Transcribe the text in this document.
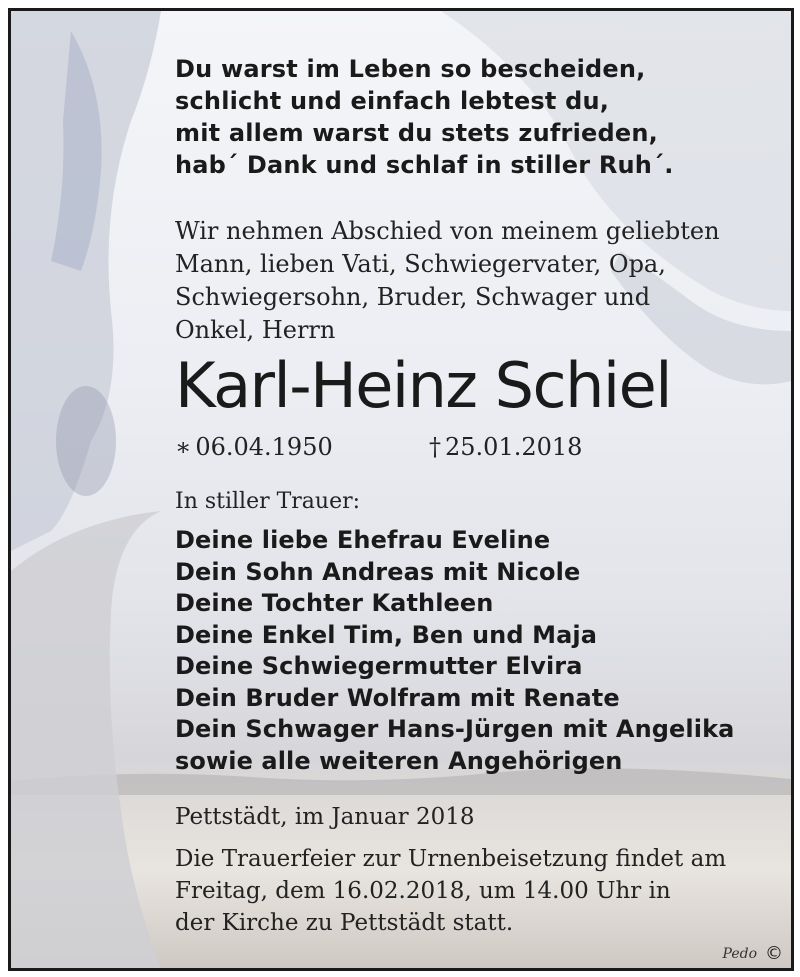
Du warst im Leben so bescheiden,
schlicht und einfach lebtest du,
mit allem warst du stets zufrieden,
hab´ Dank und schlaf in stiller Ruh´.
Wir nehmen Abschied von meinem geliebten
Mann, lieben Vati, Schwiegervater, Opa,
Schwiegersohn, Bruder, Schwager und
Onkel, Herrn
Karl-Heinz Schiel
∗ 06.04.1950	† 25.01.2018
In stiller Trauer:
Deine liebe Ehefrau Eveline
Dein Sohn Andreas mit Nicole
Deine Tochter Kathleen
Deine Enkel Tim, Ben und Maja
Deine Schwiegermutter Elvira
Dein Bruder Wolfram mit Renate
Dein Schwager Hans-Jürgen mit Angelika
sowie alle weiteren Angehörigen
Pettstädt, im Januar 2018
Die Trauerfeier zur Urnenbeisetzung findet am
Freitag, dem 16.02.2018, um 14.00 Uhr in
der Kirche zu Pettstädt statt.
Pedo ©
